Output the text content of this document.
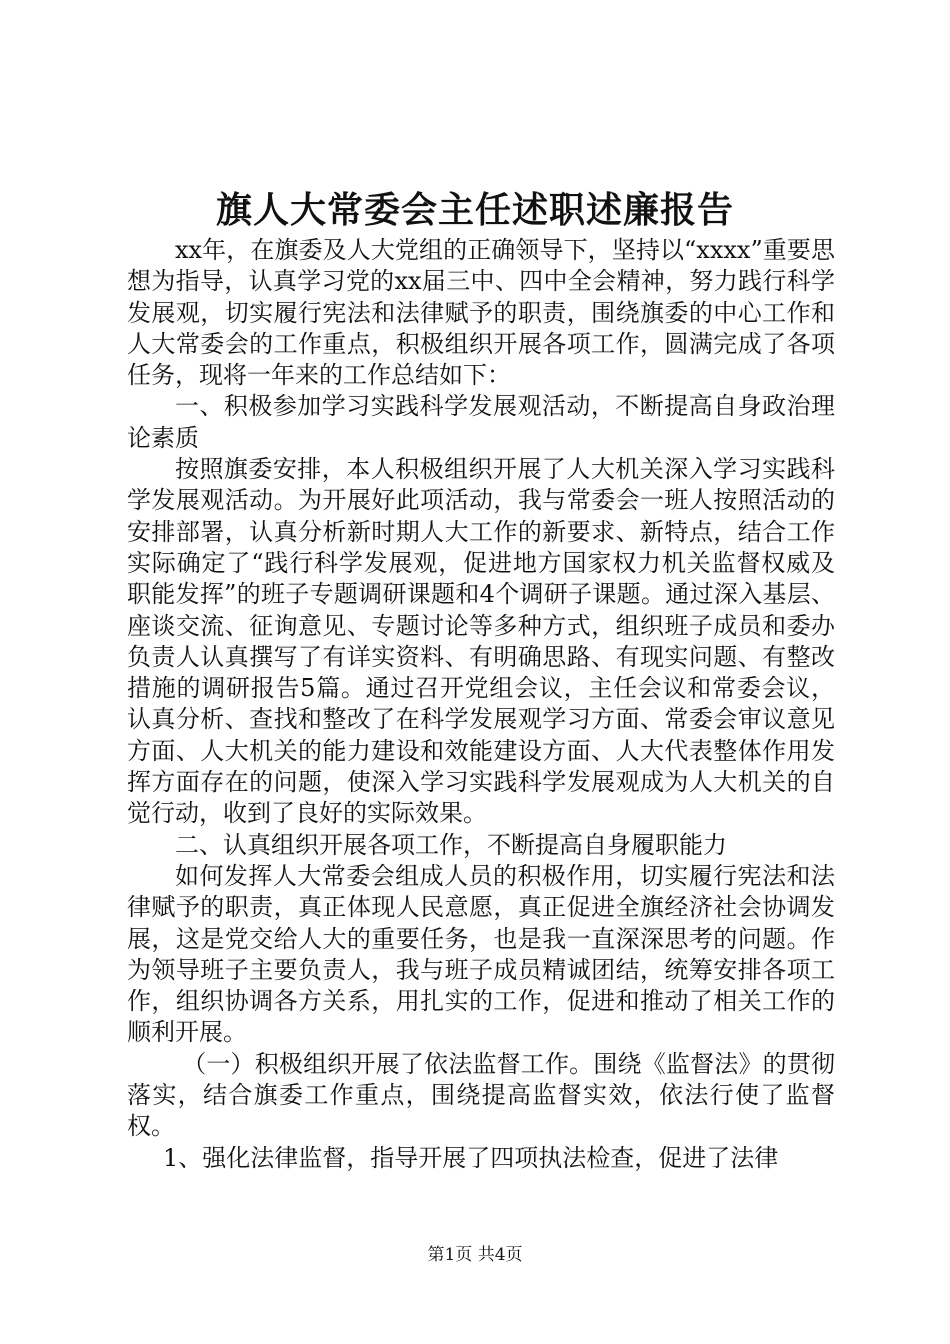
旗人大常委会主任述职述廉报告

xx年，在旗委及人大党组的正确领导下，坚持以“xxxx”重要思想为指导，认真学习党的xx届三中、四中全会精神，努力践行科学发展观，切实履行宪法和法律赋予的职责，围绕旗委的中心工作和人大常委会的工作重点，积极组织开展各项工作，圆满完成了各项任务，现将一年来的工作总结如下：

一、积极参加学习实践科学发展观活动，不断提高自身政治理论素质

按照旗委安排，本人积极组织开展了人大机关深入学习实践科学发展观活动。为开展好此项活动，我与常委会一班人按照活动的安排部署，认真分析新时期人大工作的新要求、新特点，结合工作实际确定了“践行科学发展观，促进地方国家权力机关监督权威及职能发挥”的班子专题调研课题和4个调研子课题。通过深入基层、座谈交流、征询意见、专题讨论等多种方式，组织班子成员和委办负责人认真撰写了有详实资料、有明确思路、有现实问题、有整改措施的调研报告5篇。通过召开党组会议，主任会议和常委会议，认真分析、查找和整改了在科学发展观学习方面、常委会审议意见方面、人大机关的能力建设和效能建设方面、人大代表整体作用发挥方面存在的问题，使深入学习实践科学发展观成为人大机关的自觉行动，收到了良好的实际效果。

二、认真组织开展各项工作，不断提高自身履职能力

如何发挥人大常委会组成人员的积极作用，切实履行宪法和法律赋予的职责，真正体现人民意愿，真正促进全旗经济社会协调发展，这是党交给人大的重要任务，也是我一直深深思考的问题。作为领导班子主要负责人，我与班子成员精诚团结，统筹安排各项工作，组织协调各方关系，用扎实的工作，促进和推动了相关工作的顺利开展。

（一）积极组织开展了依法监督工作。围绕《监督法》的贯彻落实，结合旗委工作重点，围绕提高监督实效，依法行使了监督权。

1、强化法律监督，指导开展了四项执法检查，促进了法律

第1页 共4页
